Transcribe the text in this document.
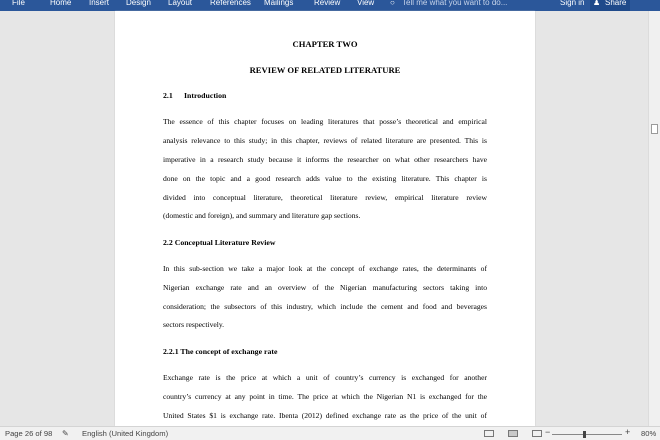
File	Home Insert Design Layout References Mailings	Review View ○ Tell me what you want to do...	Sign in ♟ Share
CHAPTER TWO
REVIEW OF RELATED LITERATURE
2.1 Introduction
The essence of this chapter focuses on leading literatures that posse’s theoretical and empirical
analysis relevance to this study; in this chapter, reviews of related literature are presented. This is
imperative in a research study because it informs the researcher on what other researchers have
done on the topic and a good research adds value to the existing literature. This chapter is
divided into conceptual literature, theoretical literature review, empirical literature review
(domestic and foreign), and summary and literature gap sections.
2.2 Conceptual Literature Review
In this sub-section we take a major look at the concept of exchange rates, the determinants of
Nigerian exchange rate and an overview of the Nigerian manufacturing sectors taking into
consideration; the subsectors of this industry, which include the cement and food and beverages
sectors respectively.
2.2.1 The concept of exchange rate
Exchange rate is the price at which a unit of country’s currency is exchanged for another
country’s currency at any point in time. The price at which the Nigerian N1 is exchanged for the
United States $1 is exchange rate. Ibenta (2012) defined exchange rate as the price of the unit of
Page 26 of 98 ✎ English (United Kingdom)	−	+ 80%
